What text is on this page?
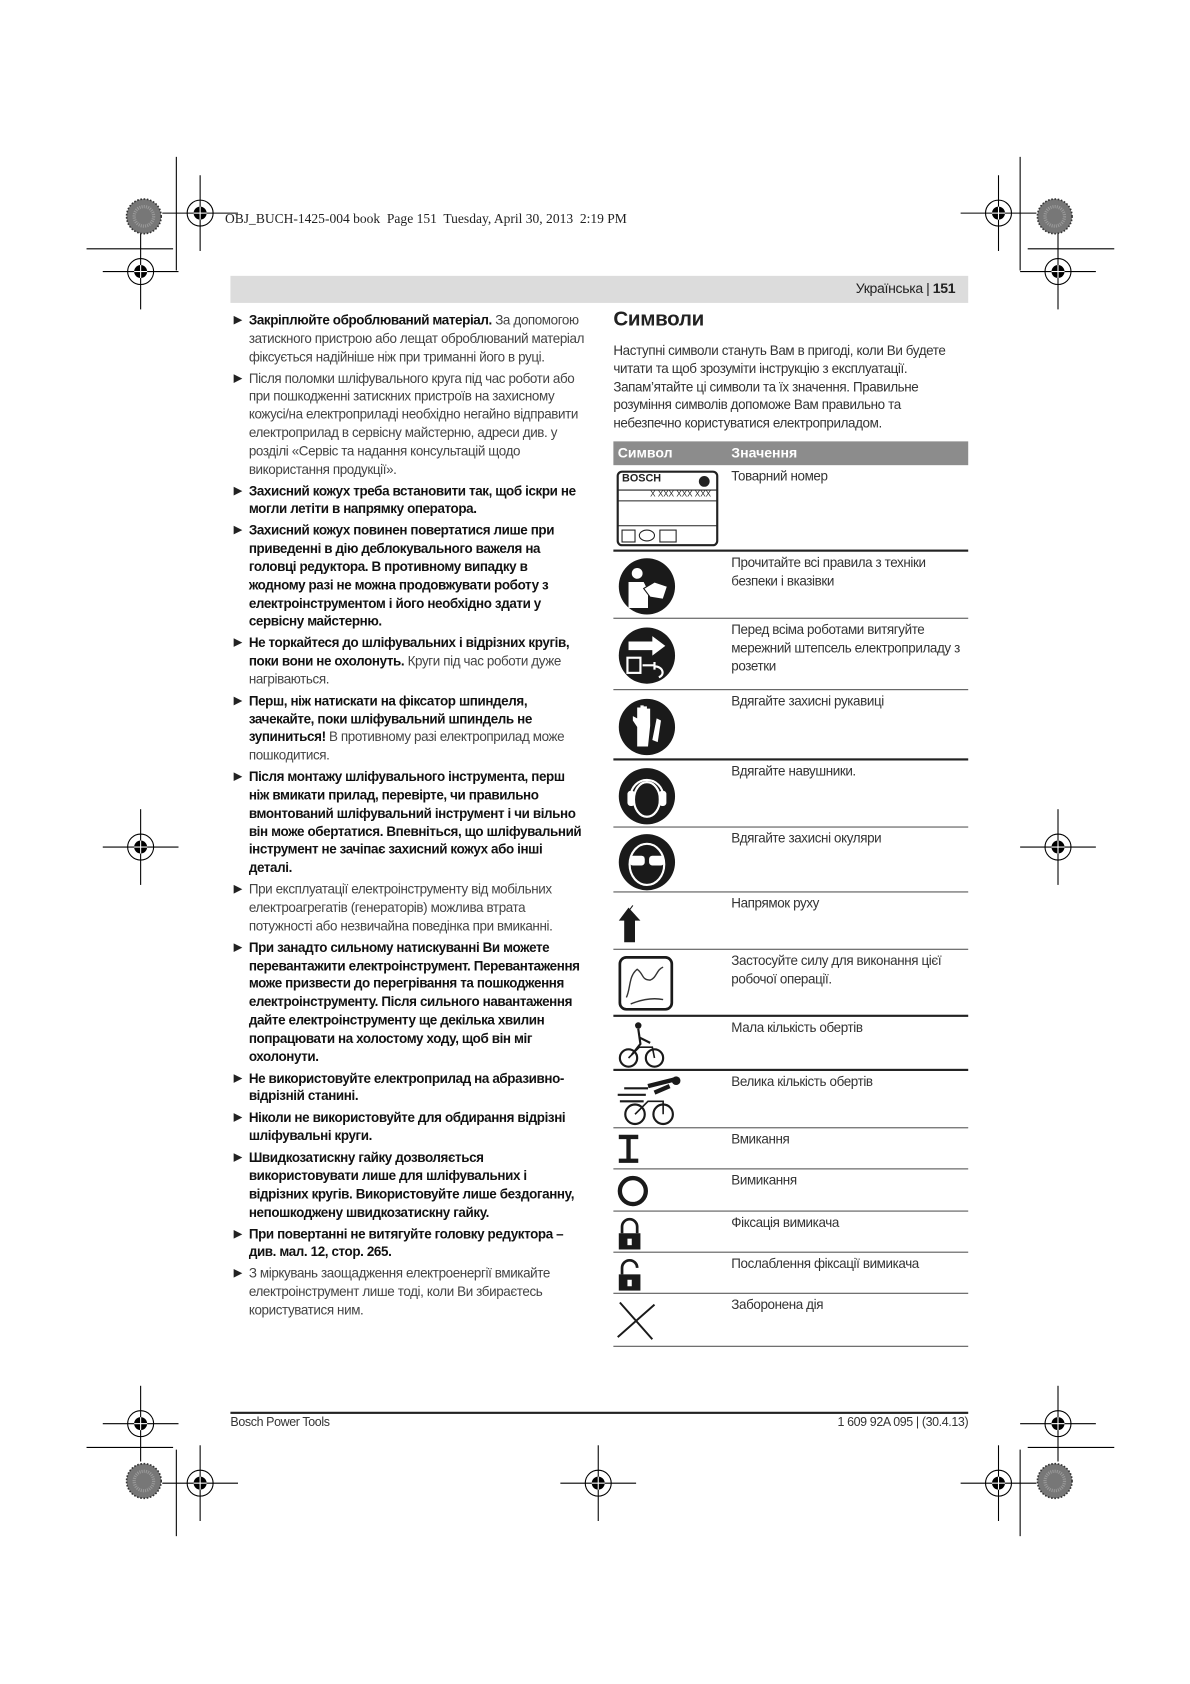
OBJ_BUCH-1425-004 book  Page 151  Tuesday, April 30, 2013  2:19 PM
Українська | 151
Закріплюйте оброблюваний матеріал. За допомогою затискного пристрою або лещат оброблюваний матеріал фіксується надійніше ніж при триманні його в руці.
Після поломки шліфувального круга під час роботи або при пошкодженні затискних пристроїв на захисному кожусі/на електроприладі необхідно негайно відправити електроприлад в сервісну майстерню, адреси див. у розділі «Сервіс та надання консультацій щодо використання продукції».
Захисний кожух треба встановити так, щоб іскри не могли летіти в напрямку оператора.
Захисний кожух повинен повертатися лише при приведенні в дію деблокувального важеля на головці редуктора. В противному випадку в жодному разі не можна продовжувати роботу з електроінструментом і його необхідно здати у сервісну майстерню.
Не торкайтеся до шліфувальних і відрізних кругів, поки вони не охолонуть. Круги під час роботи дуже нагріваються.
Перш, ніж натискати на фіксатор шпинделя, зачекайте, поки шліфувальний шпиндель не зупиниться! В противному разі електроприлад може пошкодитися.
Після монтажу шліфувального інструмента, перш ніж вмикати прилад, перевірте, чи правильно вмонтований шліфувальний інструмент і чи вільно він може обертатися. Впевніться, що шліфувальний інструмент не зачіпає захисний кожух або інші деталі.
При експлуатації електроінструменту від мобільних електроагрегатів (генераторів) можлива втрата потужності або незвичайна поведінка при вмиканні.
При занадто сильному натискуванні Ви можете перевантажити електроінструмент. Перевантаження може призвести до перегрівання та пошкодження електроінструменту. Після сильного навантаження дайте електроінструменту ще декілька хвилин попрацювати на холостому ходу, щоб він міг охолонути.
Не використовуйте електроприлад на абразивно-відрізній станині.
Ніколи не використовуйте для обдирання відрізні шліфувальні круги.
Швидкозатискну гайку дозволяється використовувати лише для шліфувальних і відрізних кругів. Використовуйте лише бездоганну, непошкоджену швидкозатискну гайку.
При повертанні не витягуйте головку редуктора – див. мал. 12, стор. 265.
З міркувань заощадження електроенергії вмикайте електроінструмент лише тоді, коли Ви збираєтесь користуватися ним.
Символи
Наступні символи стануть Вам в пригоді, коли Ви будете читати та щоб зрозуміти інструкцію з експлуатації. Запам’ятайте ці символи та їх значення. Правильне розуміння символів допоможе Вам правильно та небезпечно користуватися електроприладом.
Символ	Значення
BOSCH
X XXX XXX XXX
Товарний номер
Прочитайте всі правила з техніки безпеки і вказівки
Перед всіма роботами витягуйте мережний штепсель електроприладу з розетки
Вдягайте захисні рукавиці
Вдягайте навушники.
Вдягайте захисні окуляри
Напрямок руху
Застосуйте силу для виконання цієї робочої операції.
Мала кількість обертів
Велика кількість обертів
Вмикання
Вимикання
Фіксація вимикача
Послаблення фіксації вимикача
Заборонена дія
Bosch Power Tools	1 609 92A 095 | (30.4.13)
